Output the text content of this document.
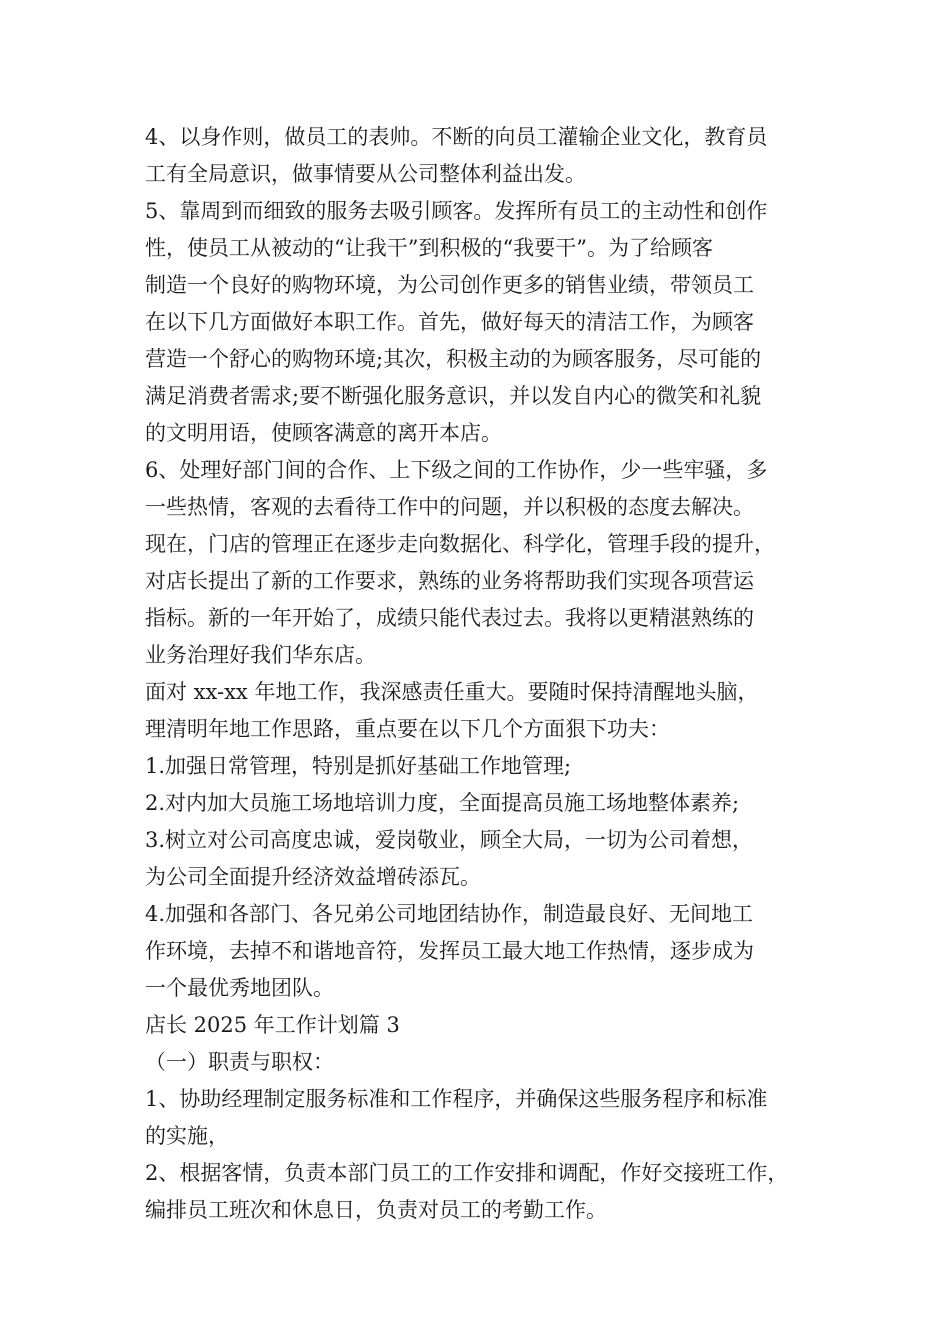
4、以身作则，做员工的表帅。不断的向员工灌输企业文化，教育员
工有全局意识，做事情要从公司整体利益出发。
5、靠周到而细致的服务去吸引顾客。发挥所有员工的主动性和创作
性，使员工从被动的“让我干”到积极的“我要干”。为了给顾客
制造一个良好的购物环境，为公司创作更多的销售业绩，带领员工
在以下几方面做好本职工作。首先，做好每天的清洁工作，为顾客
营造一个舒心的购物环境;其次，积极主动的为顾客服务，尽可能的
满足消费者需求;要不断强化服务意识，并以发自内心的微笑和礼貌
的文明用语，使顾客满意的离开本店。
6、处理好部门间的合作、上下级之间的工作协作，少一些牢骚，多
一些热情，客观的去看待工作中的问题，并以积极的态度去解决。
现在，门店的管理正在逐步走向数据化、科学化，管理手段的提升，
对店长提出了新的工作要求，熟练的业务将帮助我们实现各项营运
指标。新的一年开始了，成绩只能代表过去。我将以更精湛熟练的
业务治理好我们华东店。
面对 xx-xx 年地工作，我深感责任重大。要随时保持清醒地头脑，
理清明年地工作思路，重点要在以下几个方面狠下功夫：
1.加强日常管理，特别是抓好基础工作地管理;
2.对内加大员施工场地培训力度，全面提高员施工场地整体素养;
3.树立对公司高度忠诚，爱岗敬业，顾全大局，一切为公司着想，
为公司全面提升经济效益增砖添瓦。
4.加强和各部门、各兄弟公司地团结协作，制造最良好、无间地工
作环境，去掉不和谐地音符，发挥员工最大地工作热情，逐步成为
一个最优秀地团队。
店长 2025 年工作计划篇 3
（一）职责与职权：
1、协助经理制定服务标准和工作程序，并确保这些服务程序和标准
的实施，
2、根据客情，负责本部门员工的工作安排和调配，作好交接班工作，
编排员工班次和休息日，负责对员工的考勤工作。
